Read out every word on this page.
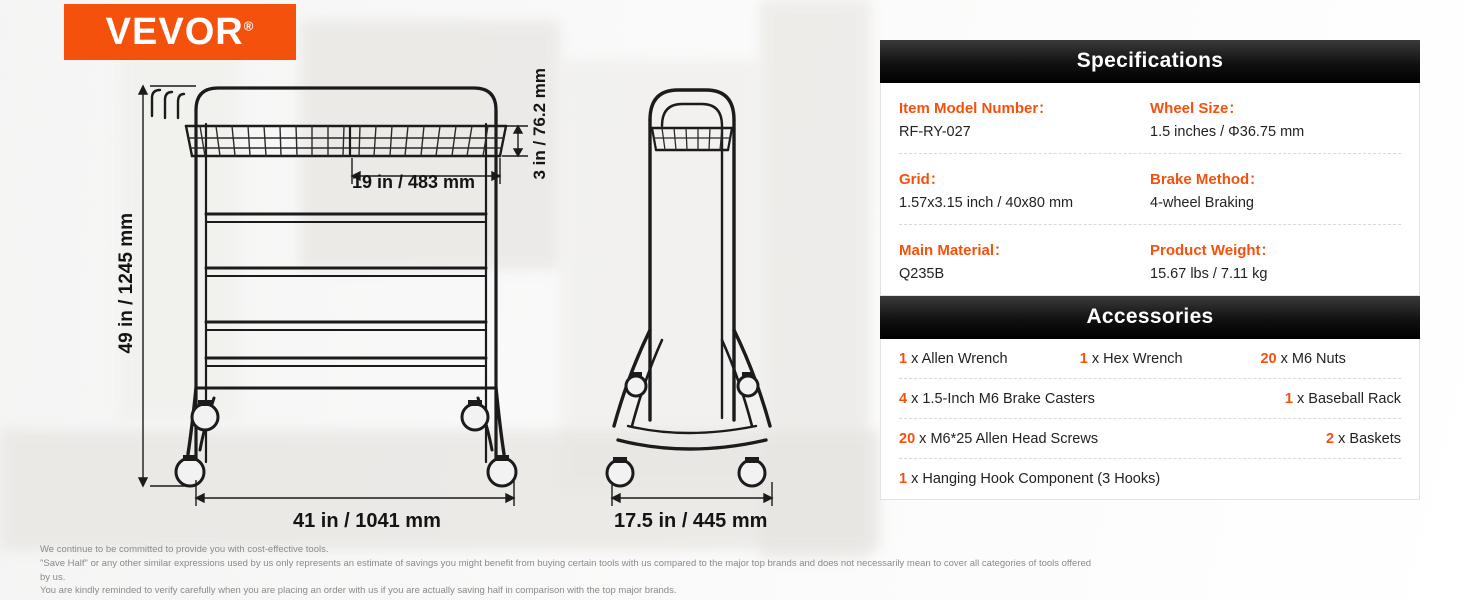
VEVOR®
49 in / 1245 mm
41 in / 1041 mm
19 in / 483 mm
3 in / 76.2 mm
17.5 in / 445 mm
We continue to be committed to provide you with cost-effective tools.
"Save Half" or any other similar expressions used by us only represents an estimate of savings you might benefit from buying certain tools with us compared to the major top brands and does not necessarily mean to cover all categories of tools offered by us.
You are kindly reminded to verify carefully when you are placing an order with us if you are actually saving half in comparison with the top major brands.
Specifications
Item Model Number：
RF-RY-027
Wheel Size：
1.5 inches / Φ36.75 mm
Grid：
1.57x3.15 inch / 40x80 mm
Brake Method：
4-wheel Braking
Main Material：
Q235B
Product Weight：
15.67 lbs / 7.11 kg
Accessories
1 x Allen Wrench	1 x Hex Wrench	20 x M6 Nuts
4 x 1.5-Inch M6 Brake Casters	1 x Baseball Rack
20 x M6*25 Allen Head Screws	2 x Baskets
1 x Hanging Hook Component (3 Hooks)
